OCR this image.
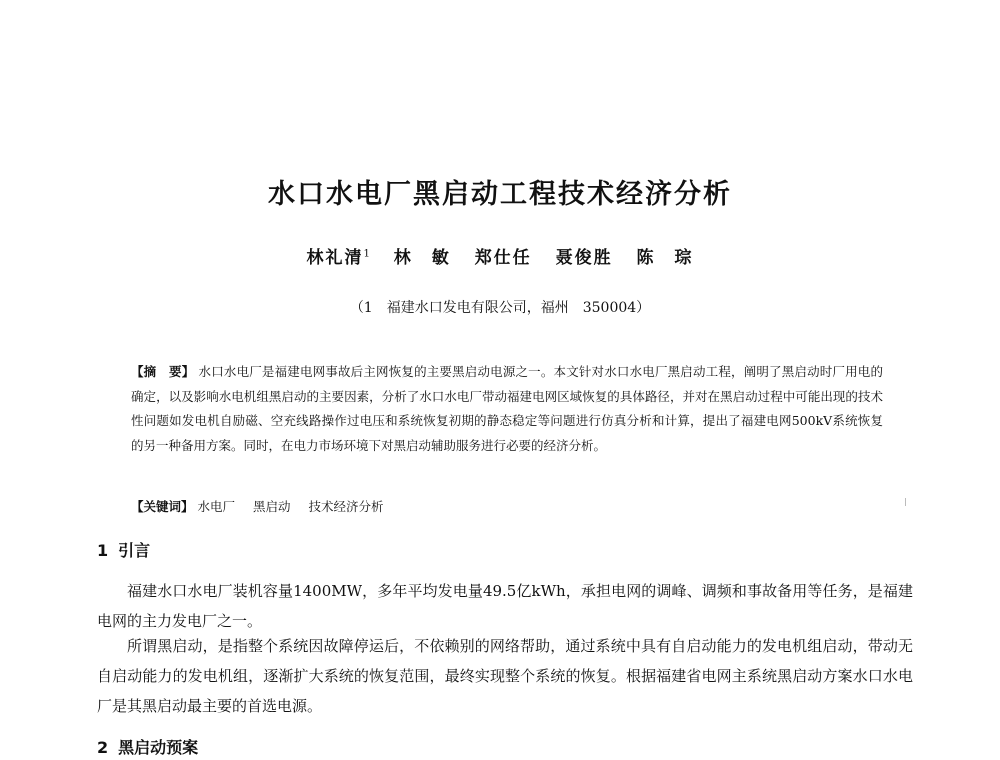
水口水电厂黑启动工程技术经济分析
林礼清$^1$ 林　敏 郑仕任 聂俊胜 陈　琮
（1　福建水口发电有限公司，福州　350004）
【摘　要】 水口水电厂是福建电网事故后主网恢复的主要黑启动电源之一。本文针对水口水电厂黑启动工程，阐明了黑启动时厂用电的确定，以及影响水电机组黑启动的主要因素，分析了水口水电厂带动福建电网区域恢复的具体路径，并对在黑启动过程中可能出现的技术性问题如发电机自励磁、空充线路操作过电压和系统恢复初期的静态稳定等问题进行仿真分析和计算，提出了福建电网500kV系统恢复的另一种备用方案。同时，在电力市场环境下对黑启动辅助服务进行必要的经济分析。
【关键词】 水电厂 黑启动 技术经济分析
1 引言

福建水口水电厂装机容量1400MW，多年平均发电量49.5亿kWh，承担电网的调峰、调频和事故备用等任务，是福建电网的主力发电厂之一。

所谓黑启动，是指整个系统因故障停运后，不依赖别的网络帮助，通过系统中具有自启动能力的发电机组启动，带动无自启动能力的发电机组，逐渐扩大系统的恢复范围，最终实现整个系统的恢复。根据福建省电网主系统黑启动方案水口水电厂是其黑启动最主要的首选电源。

2 黑启动预案
